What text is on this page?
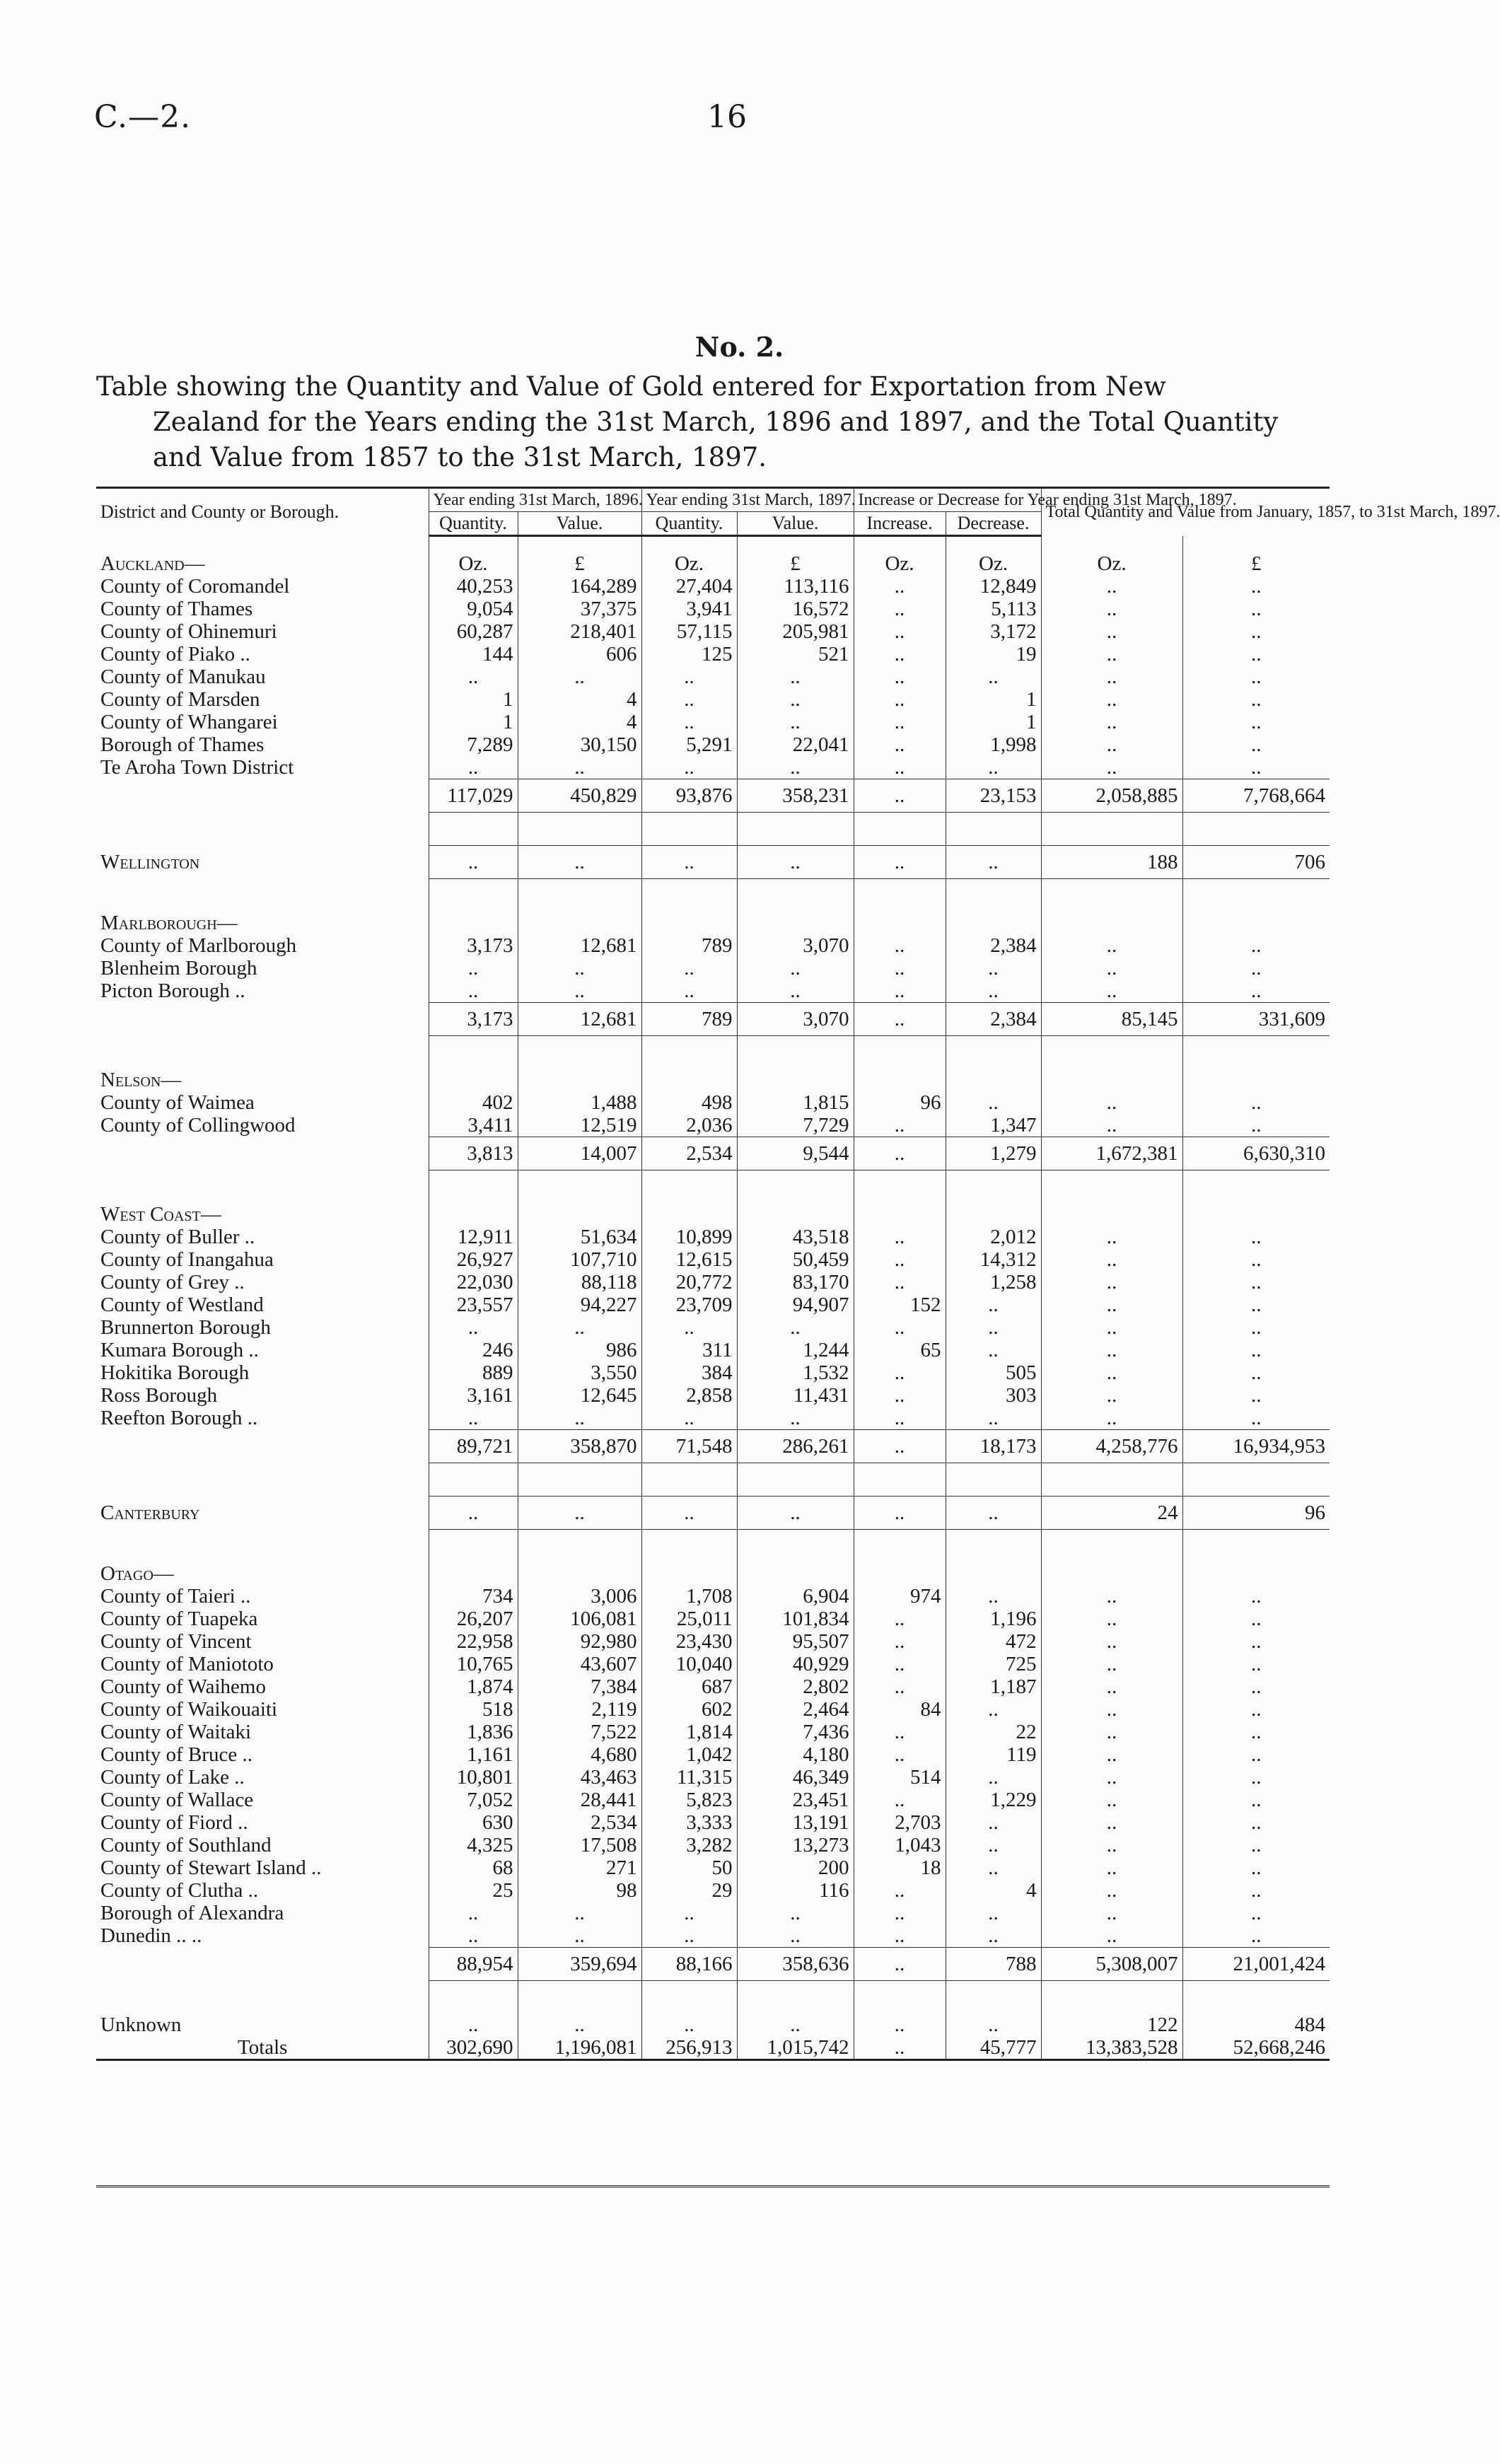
C.—2.	16
No. 2.
Table showing the Quantity and Value of Gold entered for Exportation from New
Zealand for the Years ending the 31st March, 1896 and 1897, and the Total Quantity
and Value from 1857 to the 31st March, 1897.
District and County or Borough.	Year ending 31st March, 1896.		Year ending 31st March, 1897.		Increase or Decrease for Year ending 31st March, 1897.		Total Quantity and Value from January, 1857, to 31st March, 1897.	
	Quantity.	Value.	Quantity.	Value.	Increase.	Decrease.		

Auckland—	Oz.	£	Oz.	£	Oz.	Oz.	Oz.	£
County of Coromandel	40,253	164,289	27,404	113,116	..	12,849	..	..
County of Thames	9,054	37,375	3,941	16,572	..	5,113	..	..
County of Ohinemuri	60,287	218,401	57,115	205,981	..	3,172	..	..
County of Piako ..	144	606	125	521	..	19	..	..
County of Manukau	..	..	..	..	..	..	..	..
County of Marsden	1	4	..	..	..	1	..	..
County of Whangarei	1	4	..	..	..	1	..	..
Borough of Thames	7,289	30,150	5,291	22,041	..	1,998	..	..
Te Aroha Town District	..	..	..	..	..	..	..	..
	117,029	450,829	93,876	358,231	..	23,153	2,058,885	7,768,664

Wellington	..	..	..	..	..	..	188	706

Marlborough—								
County of Marlborough	3,173	12,681	789	3,070	..	2,384	..	..
Blenheim Borough	..	..	..	..	..	..	..	..
Picton Borough ..	..	..	..	..	..	..	..	..
	3,173	12,681	789	3,070	..	2,384	85,145	331,609

Nelson—								
County of Waimea	402	1,488	498	1,815	96	..	..	..
County of Collingwood	3,411	12,519	2,036	7,729	..	1,347	..	..
	3,813	14,007	2,534	9,544	..	1,279	1,672,381	6,630,310

West Coast—								
County of Buller ..	12,911	51,634	10,899	43,518	..	2,012	..	..
County of Inangahua	26,927	107,710	12,615	50,459	..	14,312	..	..
County of Grey ..	22,030	88,118	20,772	83,170	..	1,258	..	..
County of Westland	23,557	94,227	23,709	94,907	152	..	..	..
Brunnerton Borough	..	..	..	..	..	..	..	..
Kumara Borough ..	246	986	311	1,244	65	..	..	..
Hokitika Borough	889	3,550	384	1,532	..	505	..	..
Ross Borough	3,161	12,645	2,858	11,431	..	303	..	..
Reefton Borough ..	..	..	..	..	..	..	..	..
	89,721	358,870	71,548	286,261	..	18,173	4,258,776	16,934,953

Canterbury	..	..	..	..	..	..	24	96

Otago—								
County of Taieri ..	734	3,006	1,708	6,904	974	..	..	..
County of Tuapeka	26,207	106,081	25,011	101,834	..	1,196	..	..
County of Vincent	22,958	92,980	23,430	95,507	..	472	..	..
County of Maniototo	10,765	43,607	10,040	40,929	..	725	..	..
County of Waihemo	1,874	7,384	687	2,802	..	1,187	..	..
County of Waikouaiti	518	2,119	602	2,464	84	..	..	..
County of Waitaki	1,836	7,522	1,814	7,436	..	22	..	..
County of Bruce ..	1,161	4,680	1,042	4,180	..	119	..	..
County of Lake ..	10,801	43,463	11,315	46,349	514	..	..	..
County of Wallace	7,052	28,441	5,823	23,451	..	1,229	..	..
County of Fiord ..	630	2,534	3,333	13,191	2,703	..	..	..
County of Southland	4,325	17,508	3,282	13,273	1,043	..	..	..
County of Stewart Island ..	68	271	50	200	18	..	..	..
County of Clutha ..	25	98	29	116	..	4	..	..
Borough of Alexandra	..	..	..	..	..	..	..	..
Dunedin .. ..	..	..	..	..	..	..	..	..
	88,954	359,694	88,166	358,636	..	788	5,308,007	21,001,424

Unknown	..	..	..	..	..	..	122	484
Totals	302,690	1,196,081	256,913	1,015,742	..	45,777	13,383,528	52,668,246
